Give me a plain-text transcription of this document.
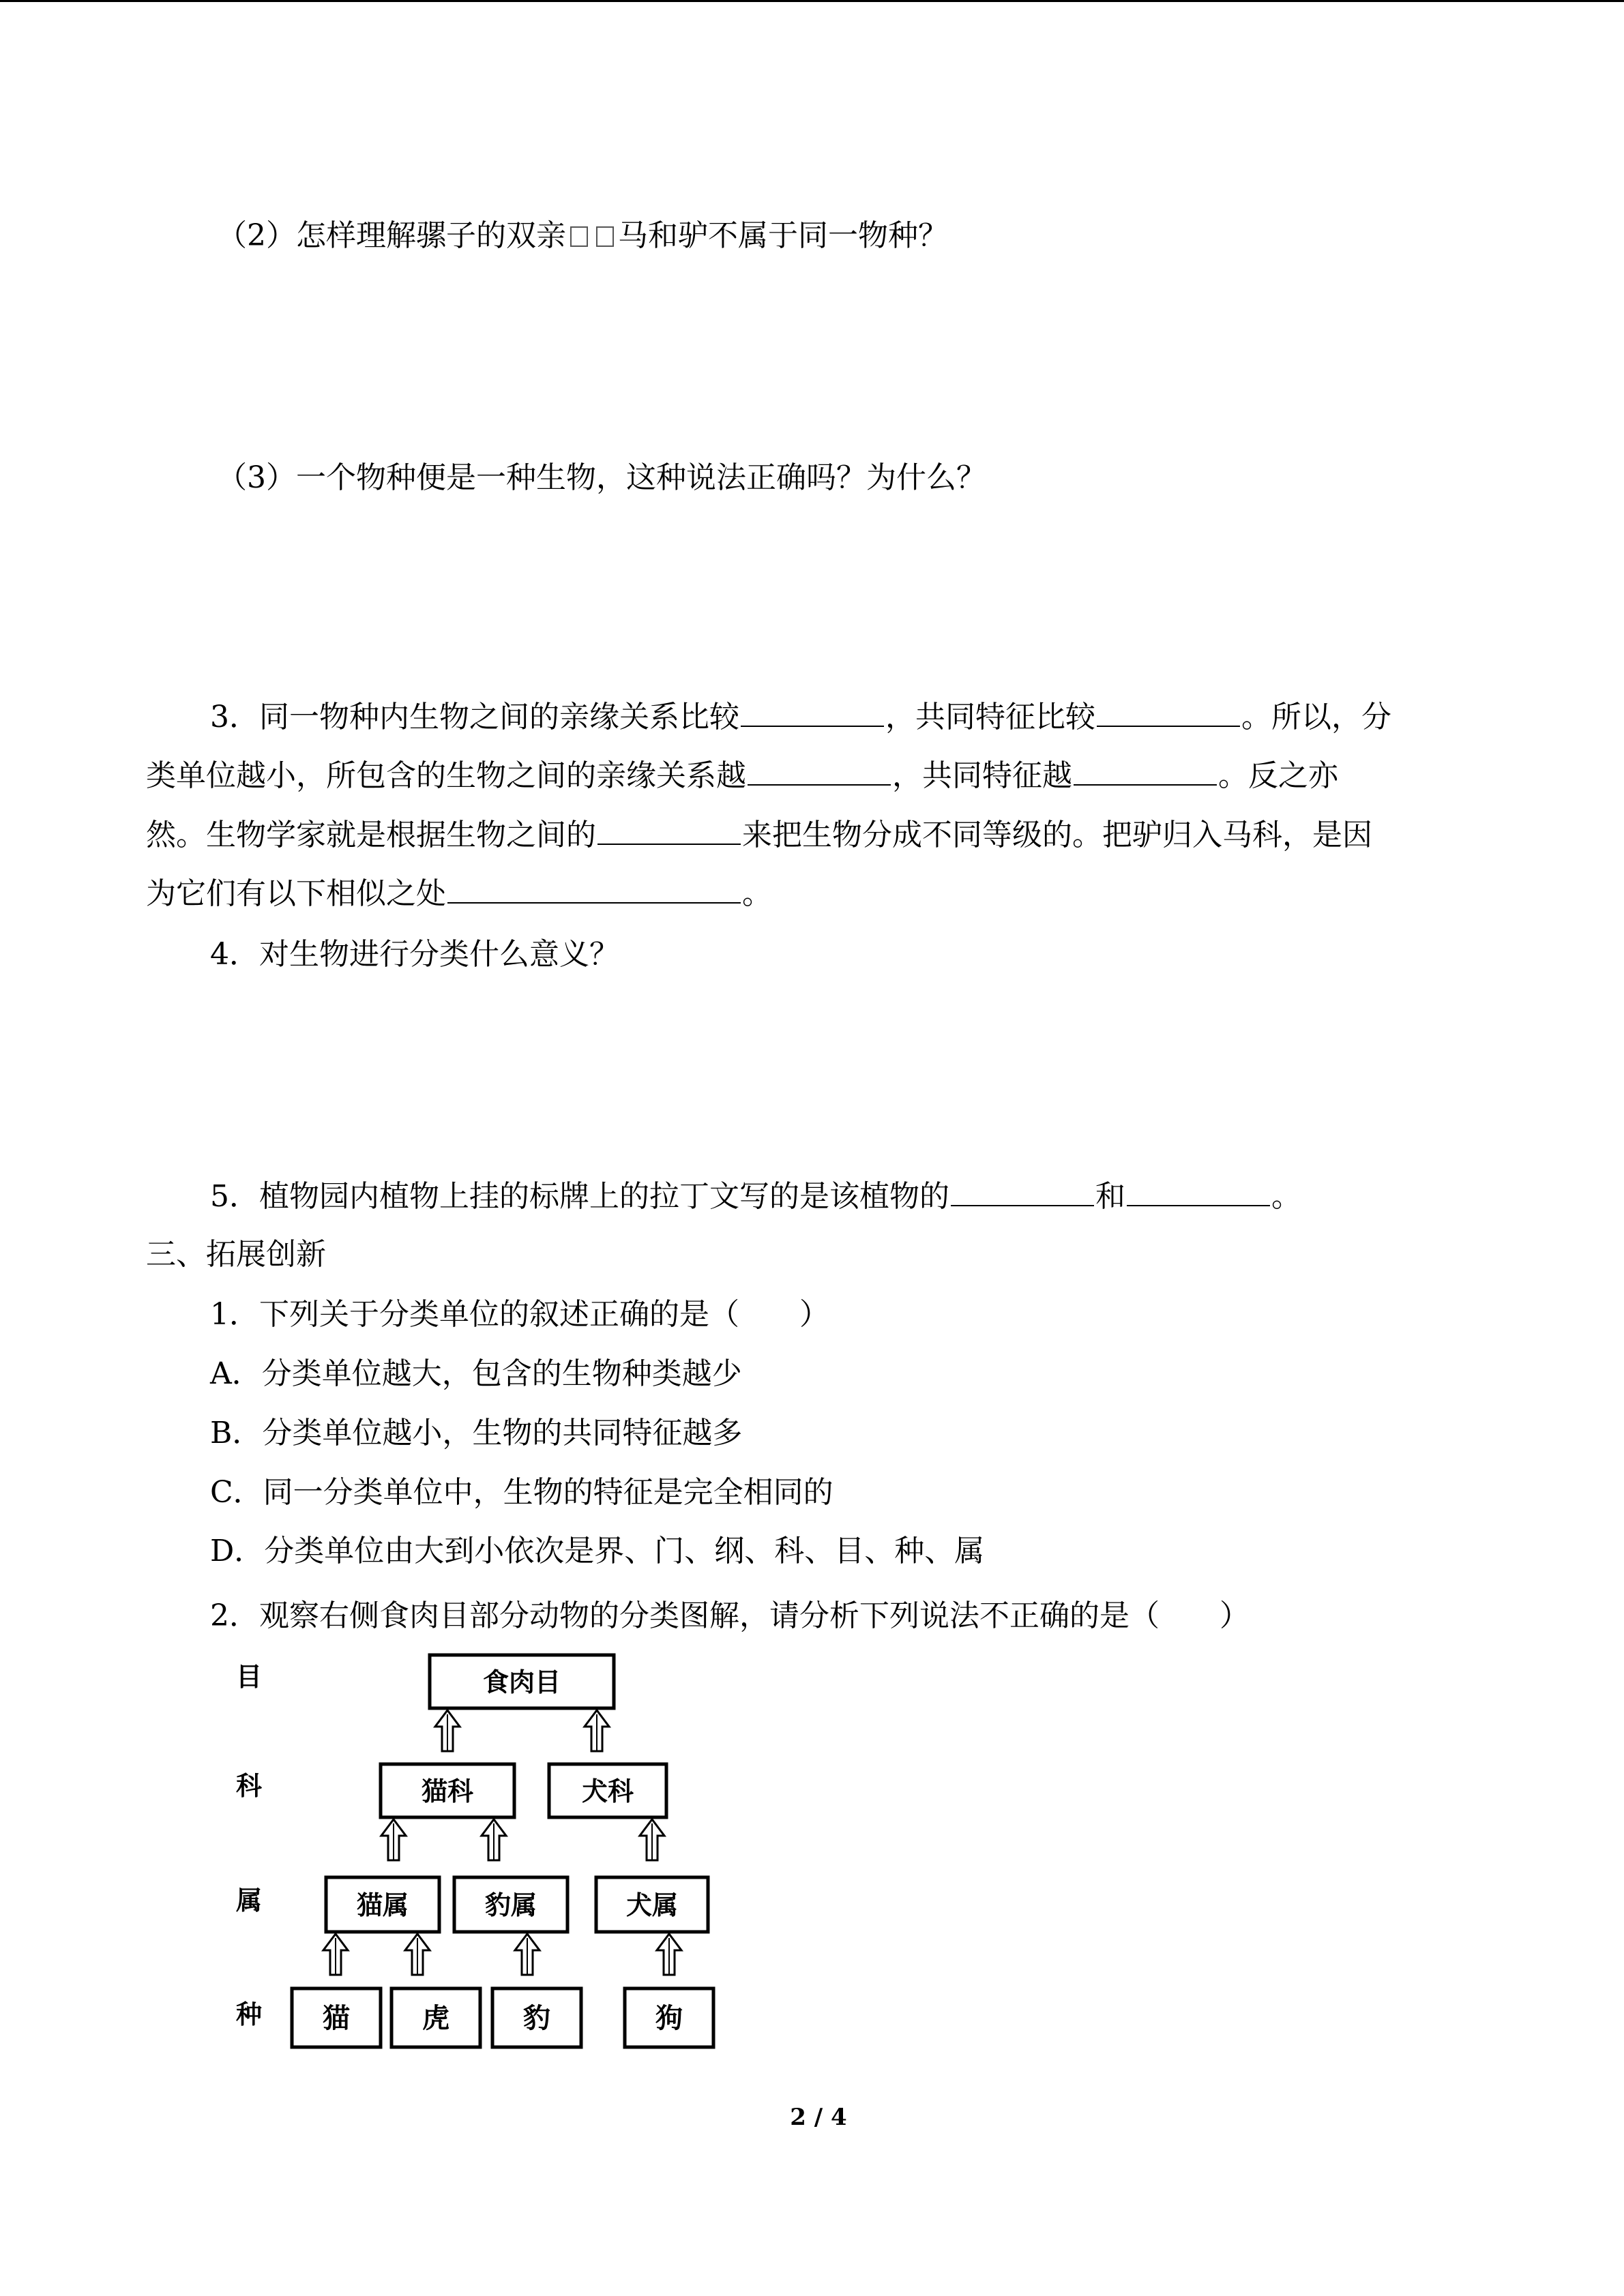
（2）怎样理解骡子的双亲 马和驴不属于同一物种？
（3）一个物种便是一种生物，这种说法正确吗？为什么？
3．同一物种内生物之间的亲缘关系比较	，共同特征比较	。所以，分
类单位越小，所包含的生物之间的亲缘关系越	，共同特征越	。反之亦
然。生物学家就是根据生物之间的	来把生物分成不同等级的。把驴归入马科，是因
为它们有以下相似之处	。
4．对生物进行分类什么意义？
5．植物园内植物上挂的标牌上的拉丁文写的是该植物的	和	。
三、拓展创新
1．下列关于分类单位的叙述正确的是（　　）
A．分类单位越大，包含的生物种类越少
B．分类单位越小，生物的共同特征越多
C．同一分类单位中，生物的特征是完全相同的
D．分类单位由大到小依次是界、门、纲、科、目、种、属
2．观察右侧食肉目部分动物的分类图解，请分析下列说法不正确的是（　　）
目
科
属
种
食肉目
猫科	犬科
猫属	豹属	犬属
猫	虎	豹	狗
2 / 4
